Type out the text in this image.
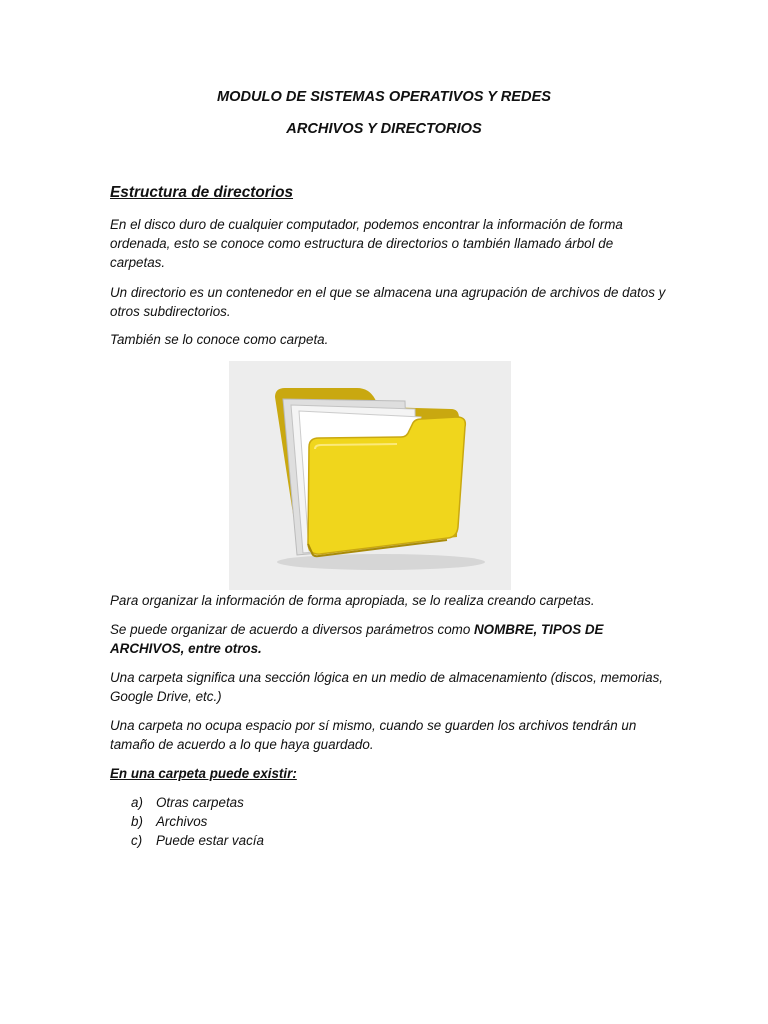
MODULO DE SISTEMAS OPERATIVOS Y REDES
ARCHIVOS Y DIRECTORIOS
Estructura de directorios
En el disco duro de cualquier computador, podemos encontrar la información de forma ordenada, esto se conoce como estructura de directorios o también llamado árbol de carpetas.
Un directorio es un contenedor en el que se almacena una agrupación de archivos de datos y otros subdirectorios.
También se lo conoce como carpeta.
Para organizar la información de forma apropiada, se lo realiza creando carpetas.
Se puede organizar de acuerdo a diversos parámetros como NOMBRE, TIPOS DE ARCHIVOS, entre otros.
Una carpeta significa una sección lógica en un medio de almacenamiento (discos, memorias, Google Drive, etc.)
Una carpeta no ocupa espacio por sí mismo, cuando se guarden los archivos tendrán un tamaño de acuerdo a lo que haya guardado.
En una carpeta puede existir:
a) Otras carpetas
b) Archivos
c)	Puede estar vacía
